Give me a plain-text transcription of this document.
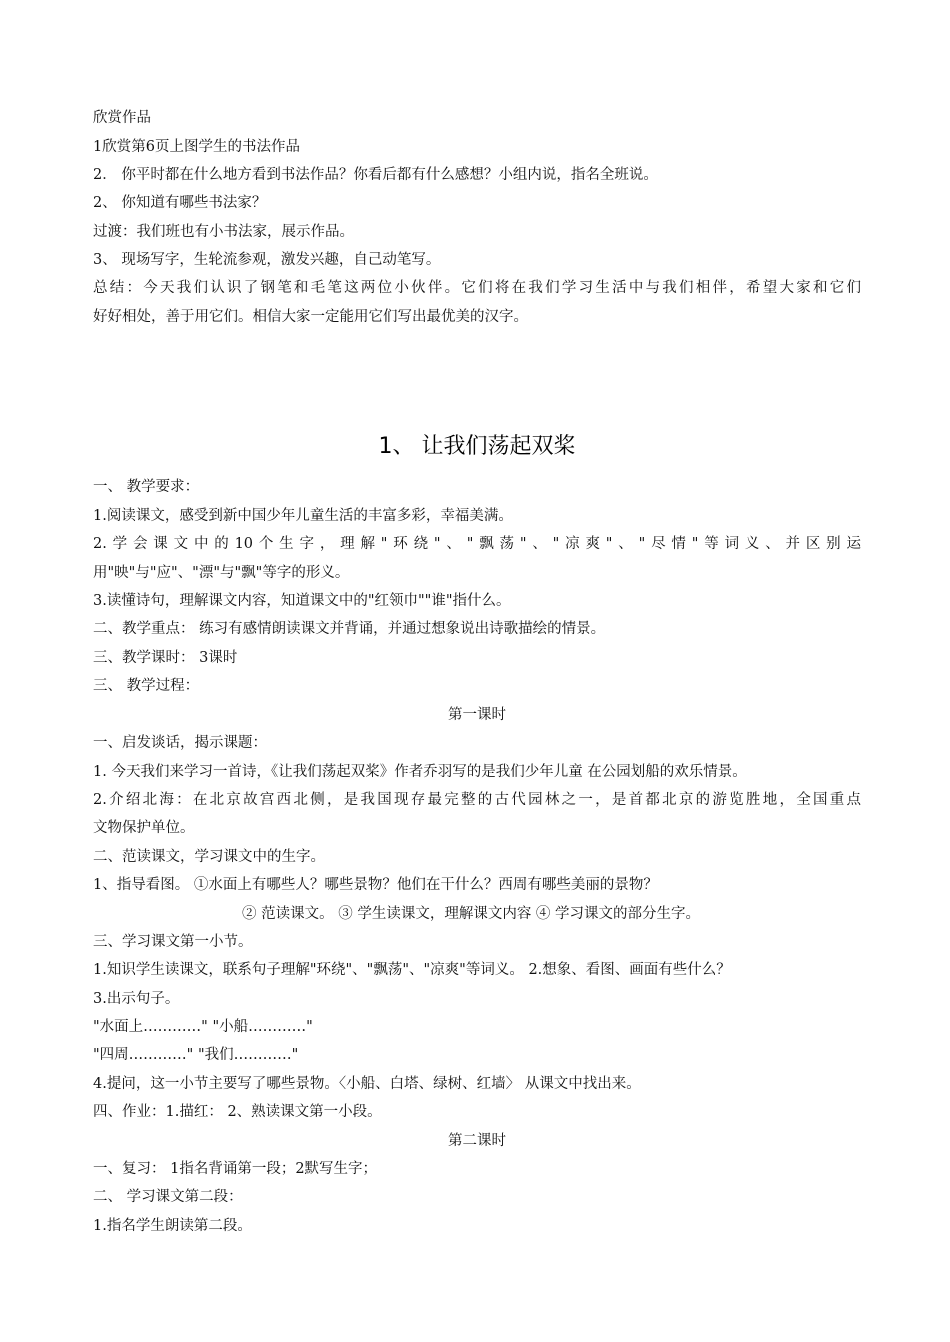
欣赏作品
1欣赏第6页上图学生的书法作品
2． 你平时都在什么地方看到书法作品？你看后都有什么感想？小组内说，指名全班说。
2、 你知道有哪些书法家？
过渡：我们班也有小书法家，展示作品。
3、 现场写字，生轮流参观，激发兴趣，自己动笔写。
总结：今天我们认识了钢笔和毛笔这两位小伙伴。它们将在我们学习生活中与我们相伴，希望大家和它们
好好相处，善于用它们。相信大家一定能用它们写出最优美的汉字。
1、 让我们荡起双桨
一、 教学要求：
1.阅读课文，感受到新中国少年儿童生活的丰富多彩，幸福美满。
2.学会课文中的10个生字，理解"环绕"、"飘荡"、"凉爽"、"尽情"等词义、并区别运
用"映"与"应"、"漂"与"飘"等字的形义。
3.读懂诗句，理解课文内容，知道课文中的"红领巾""谁"指什么。
二、教学重点： 练习有感情朗读课文并背诵，并通过想象说出诗歌描绘的情景。
三、教学课时： 3课时
三、 教学过程：
第一课时
一、启发谈话，揭示课题：
1. 今天我们来学习一首诗，《让我们荡起双桨》作者乔羽写的是我们少年儿童 在公园划船的欢乐情景。
2.介绍北海：在北京故宫西北侧，是我国现存最完整的古代园林之一，是首都北京的游览胜地，全国重点
文物保护单位。
二、范读课文，学习课文中的生字。
1、指导看图。 ①水面上有哪些人？哪些景物？他们在干什么？西周有哪些美丽的景物？
② 范读课文。 ③ 学生读课文，理解课文内容 ④ 学习课文的部分生字。
三、学习课文第一小节。
1.知识学生读课文，联系句子理解"环绕"、"飘荡"、"凉爽"等词义。 2.想象、看图、画面有些什么？
3.出示句子。
"水面上…………" "小船…………"
"四周…………" "我们…………"
4.提问，这一小节主要写了哪些景物。〈小船、白塔、绿树、红墙〉 从课文中找出来。
四、作业：1.描红： 2、熟读课文第一小段。
第二课时
一、复习： 1指名背诵第一段；2默写生字；
二、 学习课文第二段：
1.指名学生朗读第二段。
